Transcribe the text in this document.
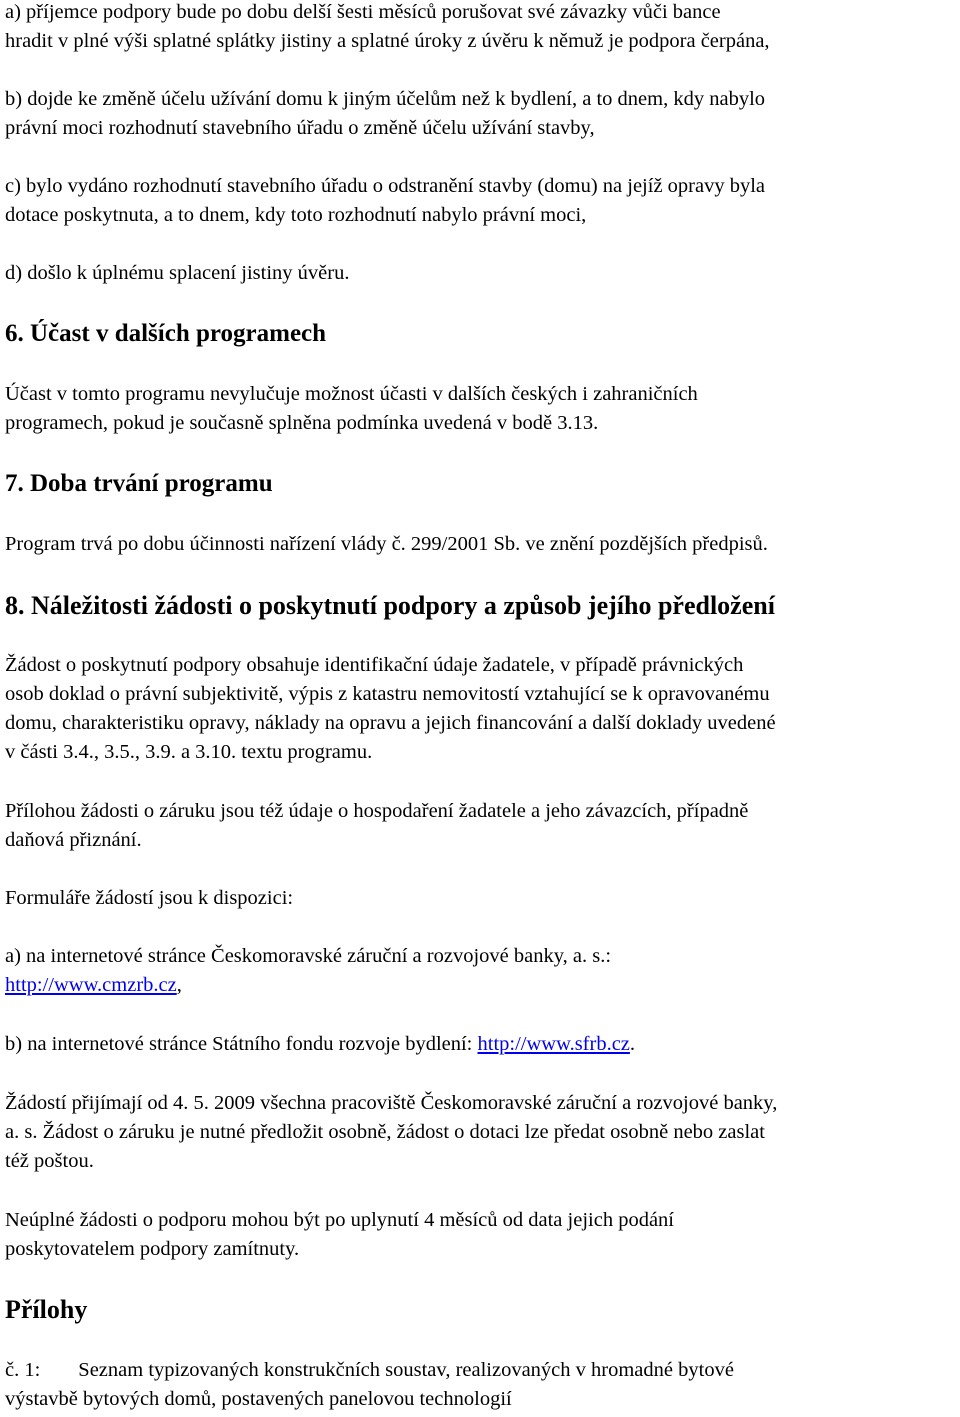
a) příjemce podpory bude po dobu delší šesti měsíců porušovat své závazky vůči bance
hradit v plné výši splatné splátky jistiny a splatné úroky z úvěru k němuž je podpora čerpána,
b) dojde ke změně účelu užívání domu k jiným účelům než k bydlení, a to dnem, kdy nabylo
právní moci rozhodnutí stavebního úřadu o změně účelu užívání stavby,
c) bylo vydáno rozhodnutí stavebního úřadu o odstranění stavby (domu) na jejíž opravy byla
dotace poskytnuta, a to dnem, kdy toto rozhodnutí nabylo právní moci,
d) došlo k úplnému splacení jistiny úvěru.
6. Účast v dalších programech
Účast v tomto programu nevylučuje možnost účasti v dalších českých i zahraničních
programech, pokud je současně splněna podmínka uvedená v bodě 3.13.
7. Doba trvání programu
Program trvá po dobu účinnosti nařízení vlády č. 299/2001 Sb. ve znění pozdějších předpisů.
8. Náležitosti žádosti o poskytnutí podpory a způsob jejího předložení
Žádost o poskytnutí podpory obsahuje identifikační údaje žadatele, v případě právnických
osob doklad o právní subjektivitě, výpis z katastru nemovitostí vztahující se k opravovanému
domu, charakteristiku opravy, náklady na opravu a jejich financování a další doklady uvedené
v části 3.4., 3.5., 3.9. a 3.10. textu programu.
Přílohou žádosti o záruku jsou též údaje o hospodaření žadatele a jeho závazcích, případně
daňová přiznání.
Formuláře žádostí jsou k dispozici:
a) na internetové stránce Českomoravské záruční a rozvojové banky, a. s.:
http://www.cmzrb.cz,
b) na internetové stránce Státního fondu rozvoje bydlení: http://www.sfrb.cz.
Žádostí přijímají od 4. 5. 2009 všechna pracoviště Českomoravské záruční a rozvojové banky,
a. s. Žádost o záruku je nutné předložit osobně, žádost o dotaci lze předat osobně nebo zaslat
též poštou.
Neúplné žádosti o podporu mohou být po uplynutí 4 měsíců od data jejich podání
poskytovatelem podpory zamítnuty.
Přílohy
č. 1: Seznam typizovaných konstrukčních soustav, realizovaných v hromadné bytové
výstavbě bytových domů, postavených panelovou technologií
